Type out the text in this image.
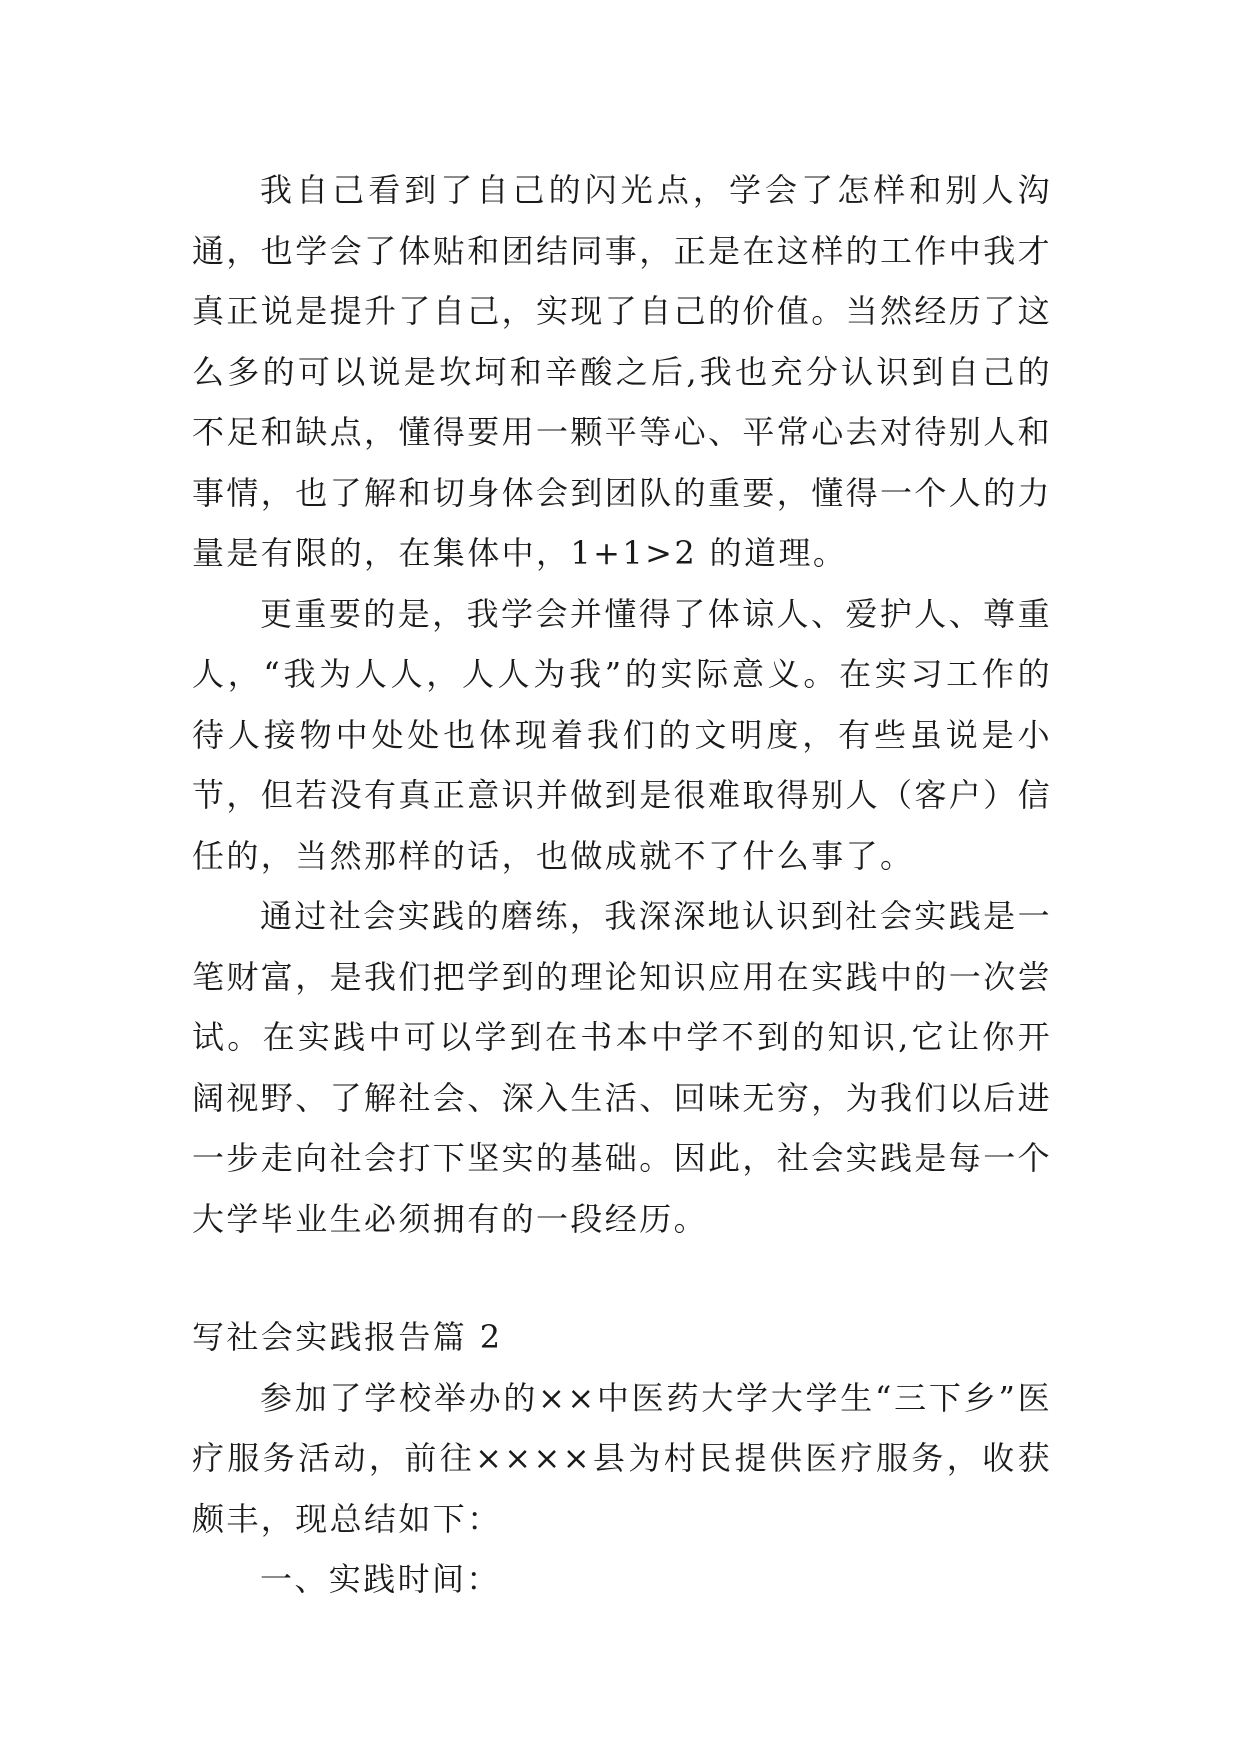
我自己看到了自己的闪光点，学会了怎样和别人沟通，也学会了体贴和团结同事，正是在这样的工作中我才真正说是提升了自己，实现了自己的价值。当然经历了这么多的可以说是坎坷和辛酸之后,我也充分认识到自己的不足和缺点，懂得要用一颗平等心、平常心去对待别人和事情，也了解和切身体会到团队的重要，懂得一个人的力量是有限的，在集体中，1+1>2 的道理。

更重要的是，我学会并懂得了体谅人、爱护人、尊重人，“我为人人，人人为我”的实际意义。在实习工作的待人接物中处处也体现着我们的文明度，有些虽说是小节，但若没有真正意识并做到是很难取得别人（客户）信任的，当然那样的话，也做成就不了什么事了。

通过社会实践的磨练，我深深地认识到社会实践是一笔财富，是我们把学到的理论知识应用在实践中的一次尝试。在实践中可以学到在书本中学不到的知识,它让你开阔视野、了解社会、深入生活、回味无穷，为我们以后进一步走向社会打下坚实的基础。因此，社会实践是每一个大学毕业生必须拥有的一段经历。

写社会实践报告篇 2

参加了学校举办的××中医药大学大学生“三下乡”医疗服务活动，前往××××县为村民提供医疗服务，收获颇丰，现总结如下：

一、实践时间：
